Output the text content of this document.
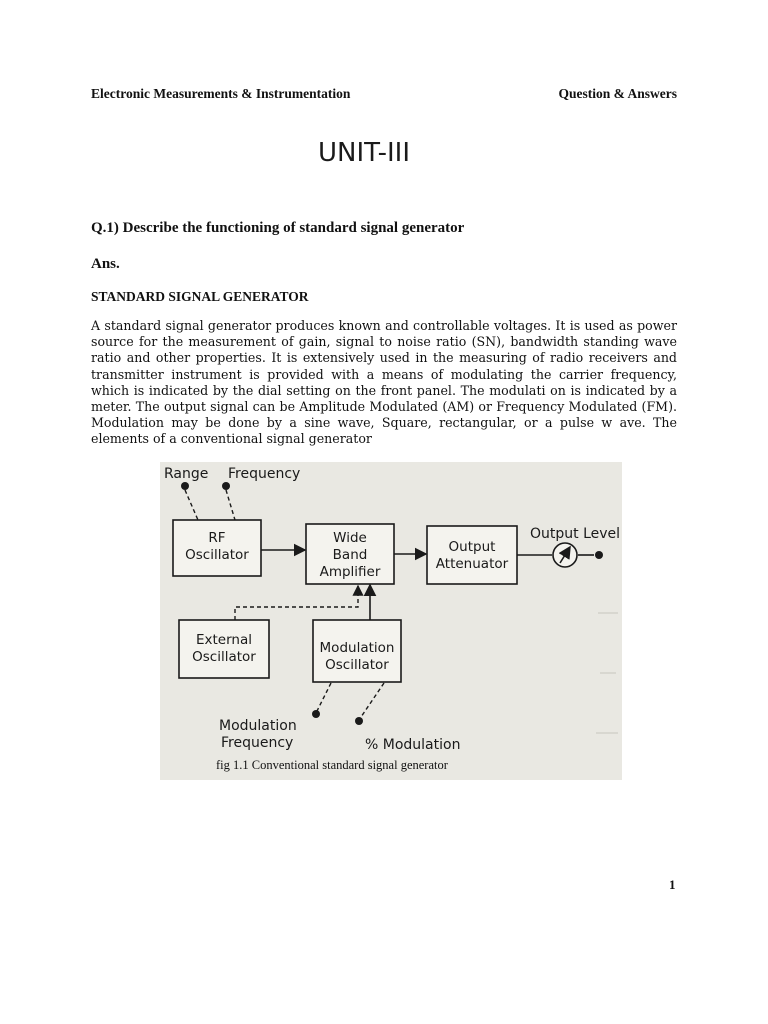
Electronic Measurements & Instrumentation	Question & Answers
UNIT-III
Q.1) Describe the functioning of standard signal generator
Ans.
STANDARD SIGNAL GENERATOR
A standard signal generator produces known and controllable voltages. It is used as power source for the measurement of gain, signal to noise ratio (SN), bandwidth standing wave ratio and other properties. It is extensively used in the measuring of radio receivers and transmitter instrument is provided with a means of modulating the carrier frequency, which is indicated by the dial setting on the front panel. The modulati on is indicated by a meter. The output signal can be Amplitude Modulated (AM) or Frequency Modulated (FM). Modulation may be done by a sine wave, Square, rectangular, or a pulse w ave. The elements of a conventional signal generator
Range Frequency
RF
Oscillator
Wide
Band
Amplifier
Output
Attenuator
Output Level
External
Oscillator
Modulation
Oscillator
Modulation
Frequency	% Modulation
fig 1.1 Conventional standard signal generator
1
